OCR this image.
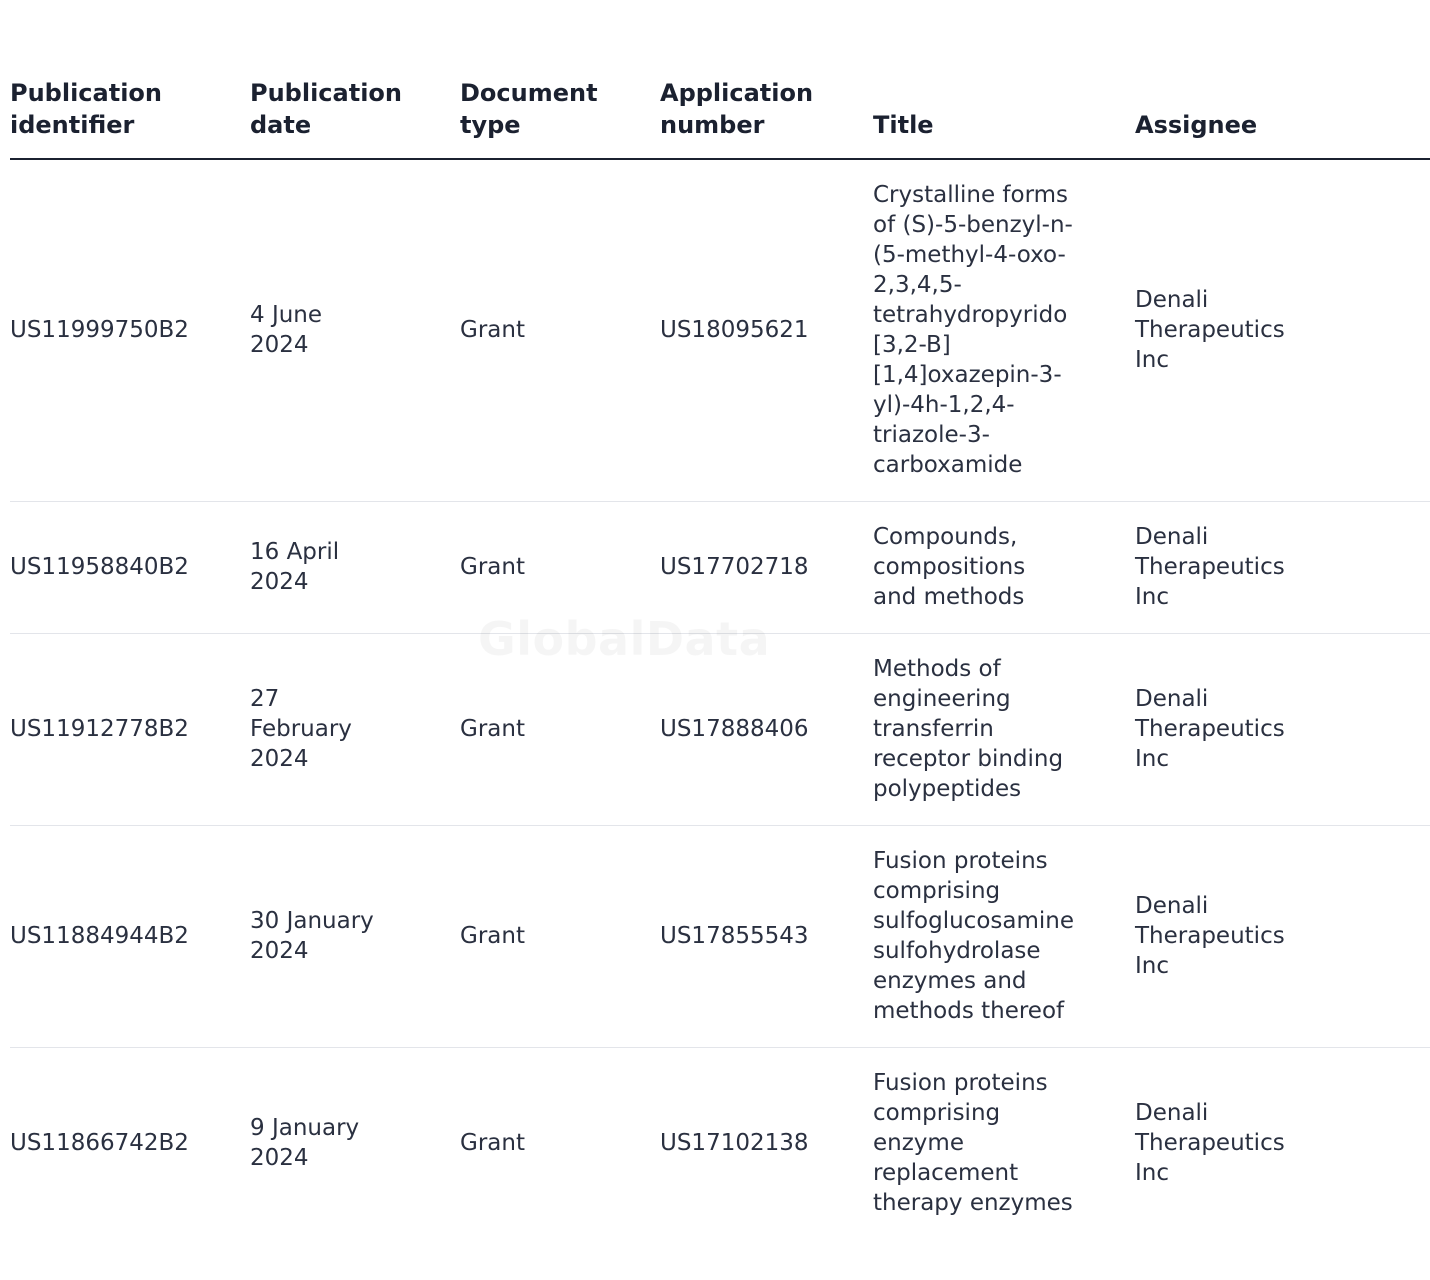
Publication identifier	Publication date	Document type	Application number	Title	Assignee
US11999750B2	4 June 2024	Grant	US18095621	Crystalline forms of (S)-5-benzyl-n-(5-methyl-4-oxo-2,3,4,5-tetrahydropyrido [3,2-B] [1,4]oxazepin-3-yl)-4h-1,2,4-triazole-3-carboxamide	Denali Therapeutics Inc

US11958840B2	16 April 2024	Grant	US17702718	Compounds, compositions and methods	Denali Therapeutics Inc

US11912778B2	27 February 2024	Grant	US17888406	Methods of engineering transferrin receptor binding polypeptides	Denali Therapeutics Inc

US11884944B2	30 January 2024	Grant	US17855543	Fusion proteins comprising sulfoglucosamine sulfohydrolase enzymes and methods thereof	Denali Therapeutics Inc

US11866742B2	9 January 2024	Grant	US17102138	Fusion proteins comprising enzyme replacement therapy enzymes	Denali Therapeutics Inc
